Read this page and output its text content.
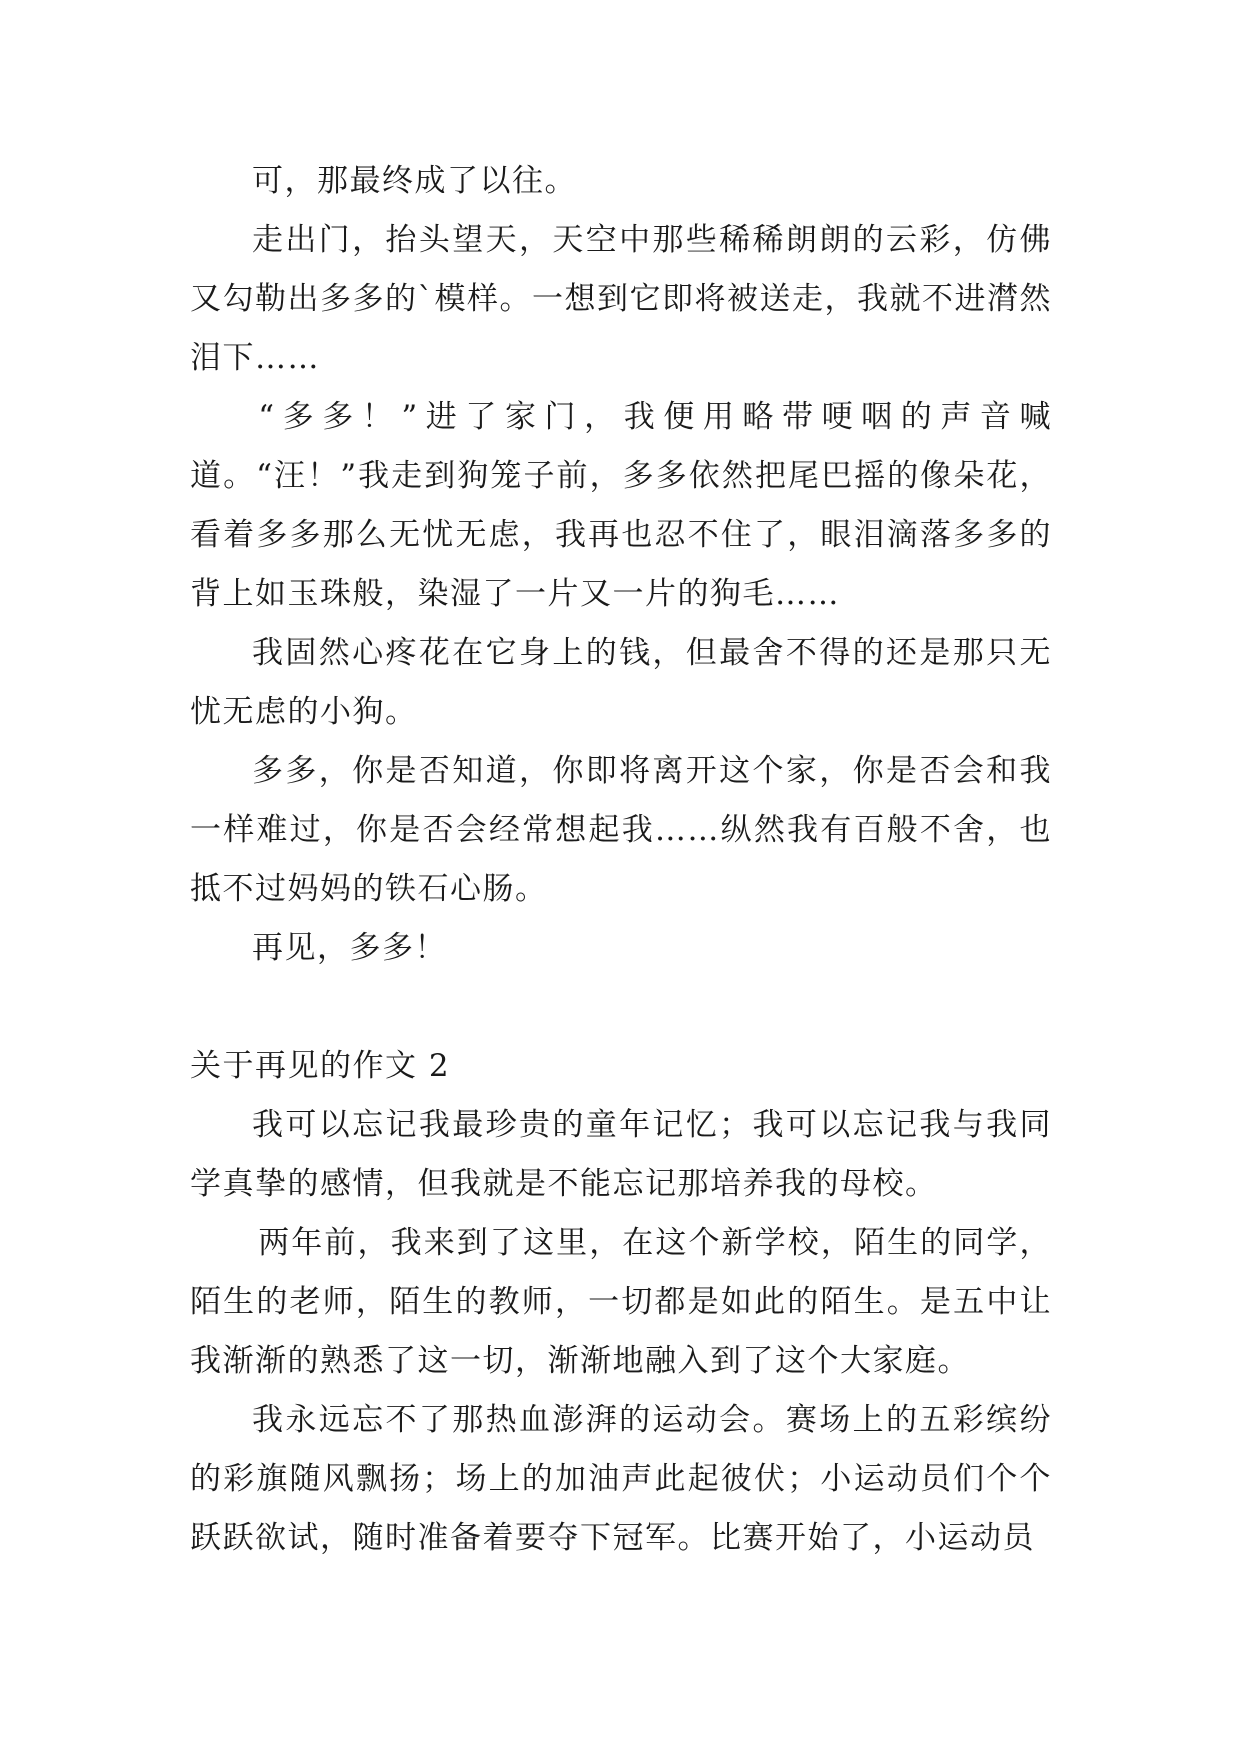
可，那最终成了以往。

走出门，抬头望天，天空中那些稀稀朗朗的云彩，仿佛又勾勒出多多的`模样。一想到它即将被送走，我就不进潸然泪下……

“多多！”进了家门，我便用略带哽咽的声音喊道。“汪！”我走到狗笼子前，多多依然把尾巴摇的像朵花，看着多多那么无忧无虑，我再也忍不住了，眼泪滴落多多的背上如玉珠般，染湿了一片又一片的狗毛……

我固然心疼花在它身上的钱，但最舍不得的还是那只无忧无虑的小狗。

多多，你是否知道，你即将离开这个家，你是否会和我一样难过，你是否会经常想起我……纵然我有百般不舍，也抵不过妈妈的铁石心肠。

再见，多多！

关于再见的作文 2

我可以忘记我最珍贵的童年记忆；我可以忘记我与我同学真挚的感情，但我就是不能忘记那培养我的母校。

两年前，我来到了这里，在这个新学校，陌生的同学，陌生的老师，陌生的教师，一切都是如此的陌生。是五中让我渐渐的熟悉了这一切，渐渐地融入到了这个大家庭。

我永远忘不了那热血澎湃的运动会。赛场上的五彩缤纷的彩旗随风飘扬；场上的加油声此起彼伏；小运动员们个个跃跃欲试，随时准备着要夺下冠军。比赛开始了，小运动员
